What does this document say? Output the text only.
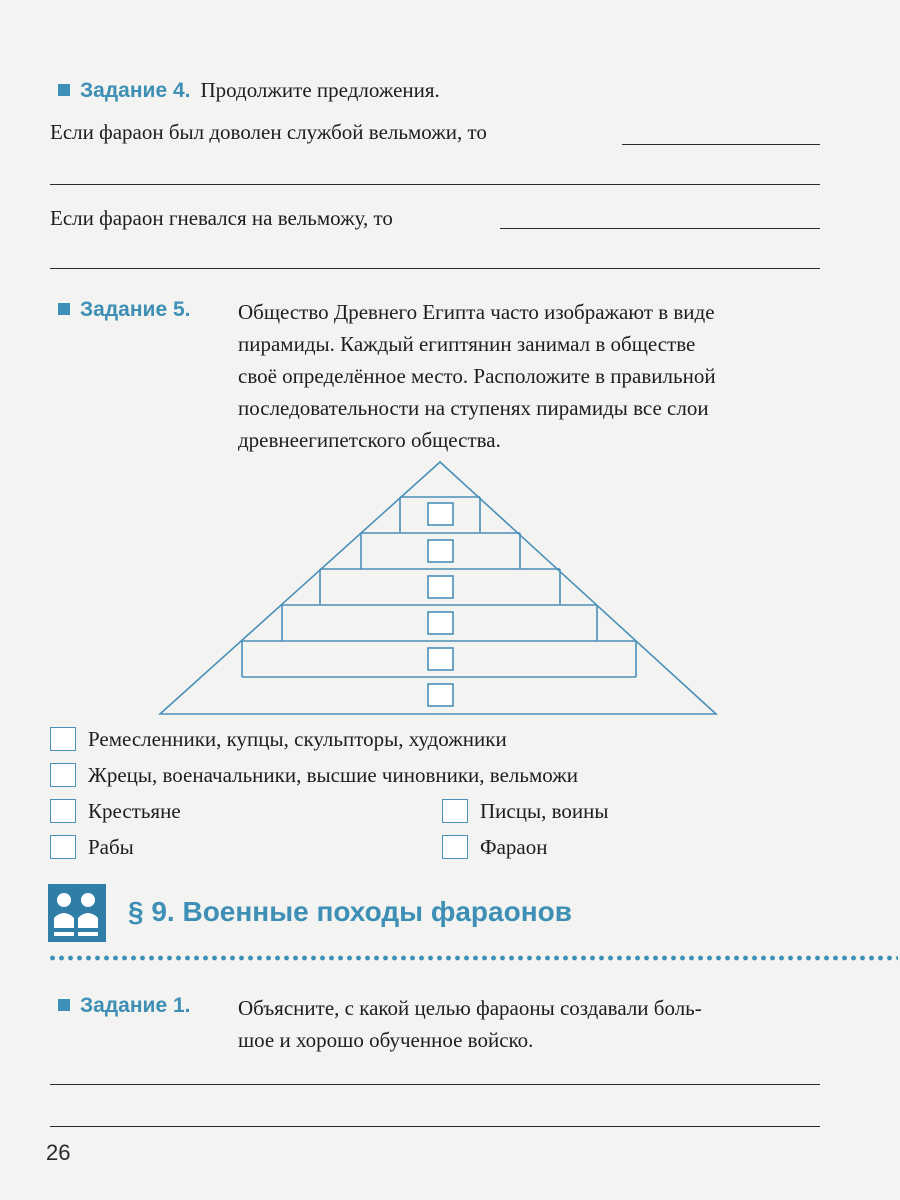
Задание 4. Продолжите предложения.
Если фараон был доволен службой вельможи, то
Если фараон гневался на вельможу, то
Задание 5. Общество Древнего Египта часто изображают в виде
пирамиды. Каждый египтянин занимал в обществе
своё определённое место. Расположите в правильной
последовательности на ступенях пирамиды все слои
древнеегипетского общества.
Ремесленники, купцы, скульпторы, художники
Жрецы, военачальники, высшие чиновники, вельможи
Крестьяне	Писцы, воины
Рабы	Фараон
§ 9. Военные походы фараонов
Задание 1. Объясните, с какой целью фараоны создавали боль-
шое и хорошо обученное войско.
26
